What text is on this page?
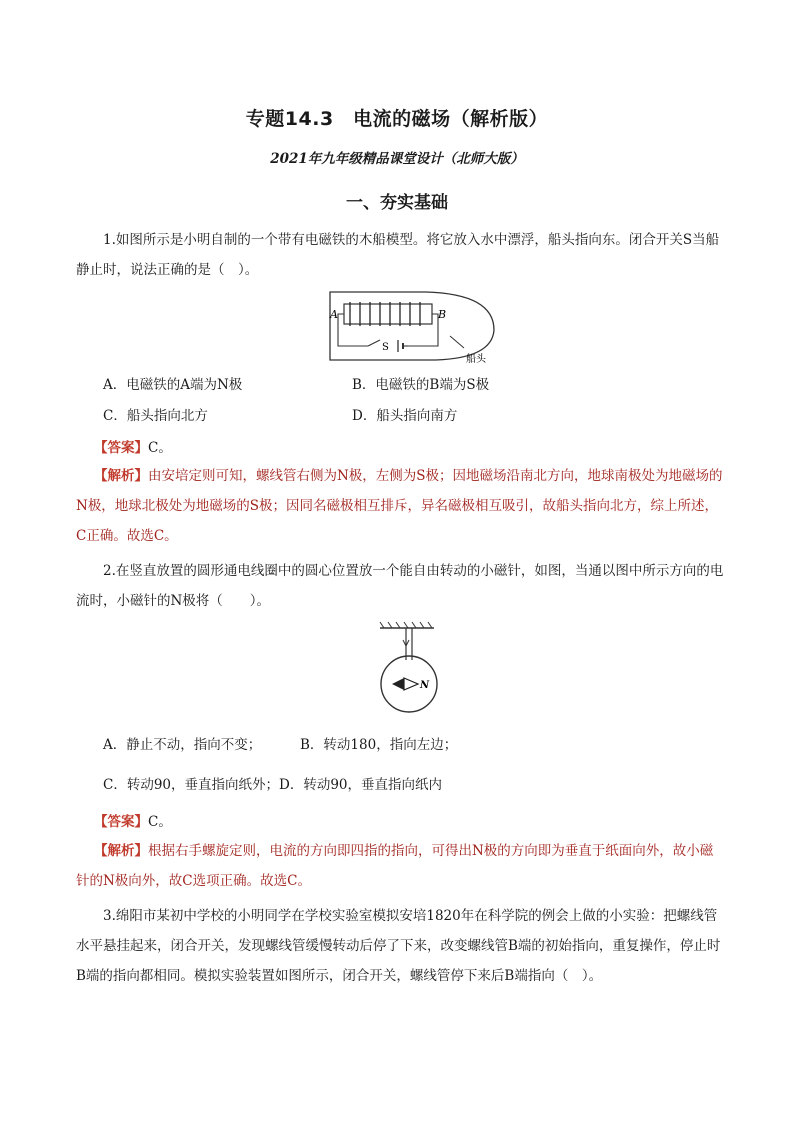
专题14.3　电流的磁场（解析版）
2021年九年级精品课堂设计（北师大版）
一、夯实基础
1.如图所示是小明自制的一个带有电磁铁的木船模型。将它放入水中漂浮，船头指向东。闭合开关S当船静止时，说法正确的是（　）。
A	B
S
船头
A．电磁铁的A端为N极	B．电磁铁的B端为S极
C．船头指向北方	D．船头指向南方
【答案】C。
【解析】由安培定则可知，螺线管右侧为N极，左侧为S极；因地磁场沿南北方向，地球南极处为地磁场的N极，地球北极处为地磁场的S极；因同名磁极相互排斥，异名磁极相互吸引，故船头指向北方，综上所述，C正确。故选C。
2.在竖直放置的圆形通电线圈中的圆心位置放一个能自由转动的小磁针，如图，当通以图中所示方向的电流时，小磁针的N极将（　　）。
N
A．静止不动，指向不变；	B．转动180，指向左边；
C．转动90，垂直指向纸外；D．转动90，垂直指向纸内
【答案】C。
【解析】根据右手螺旋定则，电流的方向即四指的指向，可得出N极的方向即为垂直于纸面向外，故小磁针的N极向外，故C选项正确。故选C。
3.绵阳市某初中学校的小明同学在学校实验室模拟安培1820年在科学院的例会上做的小实验：把螺线管水平悬挂起来，闭合开关，发现螺线管缓慢转动后停了下来，改变螺线管B端的初始指向，重复操作，停止时B端的指向都相同。模拟实验装置如图所示，闭合开关，螺线管停下来后B端指向（　）。
